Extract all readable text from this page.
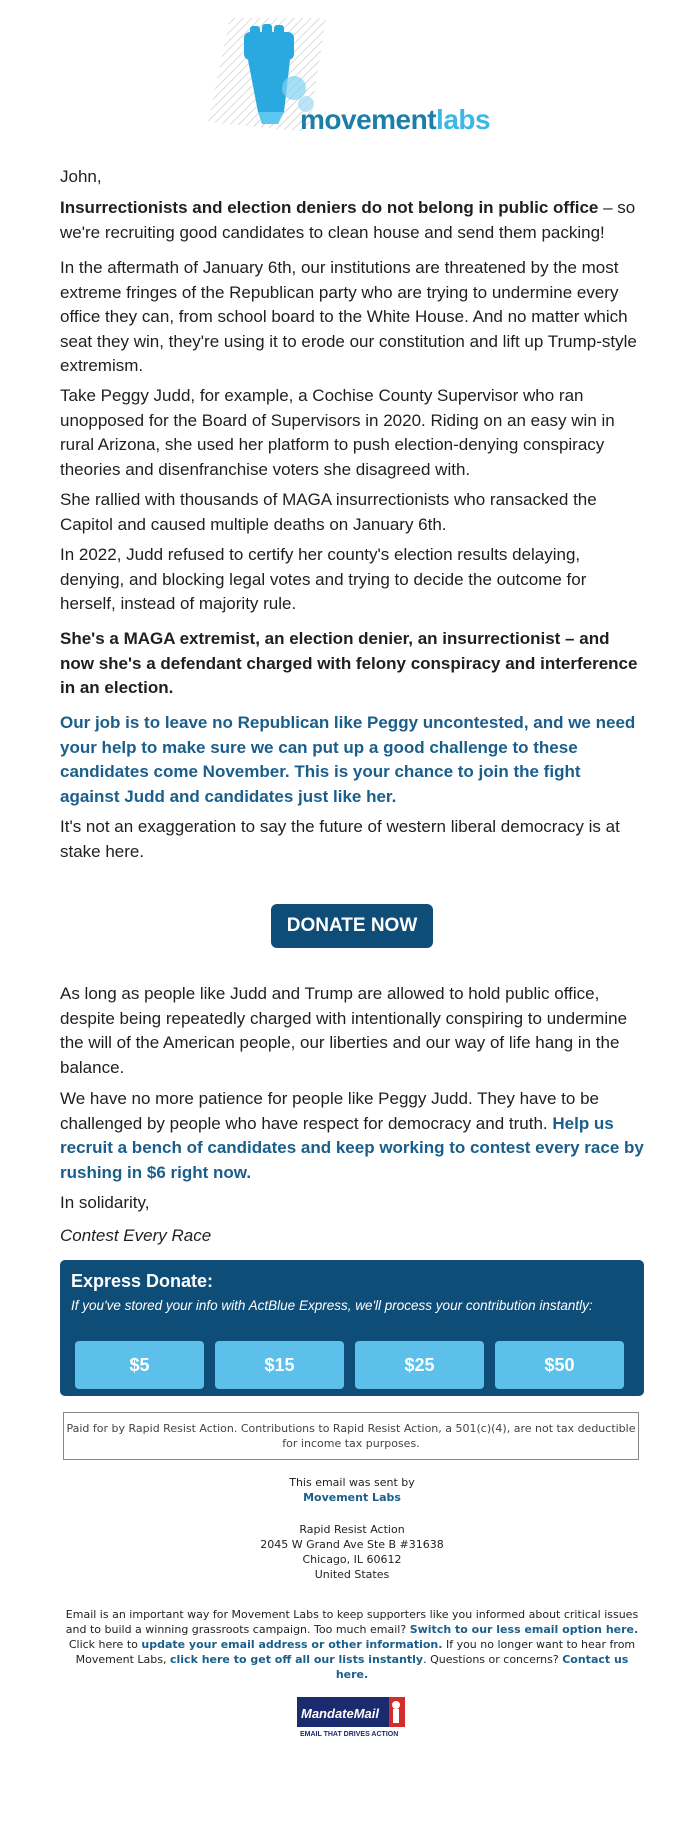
movementlabs

John,

Insurrectionists and election deniers do not belong in public office – so we're recruiting good candidates to clean house and send them packing!

In the aftermath of January 6th, our institutions are threatened by the most extreme fringes of the Republican party who are trying to undermine every office they can, from school board to the White House. And no matter which seat they win, they're using it to erode our constitution and lift up Trump-style extremism.

Take Peggy Judd, for example, a Cochise County Supervisor who ran unopposed for the Board of Supervisors in 2020. Riding on an easy win in rural Arizona, she used her platform to push election-denying conspiracy theories and disenfranchise voters she disagreed with.

She rallied with thousands of MAGA insurrectionists who ransacked the Capitol and caused multiple deaths on January 6th.

In 2022, Judd refused to certify her county's election results delaying, denying, and blocking legal votes and trying to decide the outcome for herself, instead of majority rule.

She's a MAGA extremist, an election denier, an insurrectionist – and now she's a defendant charged with felony conspiracy and interference in an election.

Our job is to leave no Republican like Peggy uncontested, and we need your help to make sure we can put up a good challenge to these candidates come November. This is your chance to join the fight against Judd and candidates just like her.

It's not an exaggeration to say the future of western liberal democracy is at stake here.

DONATE NOW

As long as people like Judd and Trump are allowed to hold public office, despite being repeatedly charged with intentionally conspiring to undermine the will of the American people, our liberties and our way of life hang in the balance.

We have no more patience for people like Peggy Judd. They have to be challenged by people who have respect for democracy and truth. Help us recruit a bench of candidates and keep working to contest every race by rushing in $6 right now.

In solidarity,

Contest Every Race
Express Donate:
If you've stored your info with ActBlue Express, we'll process your contribution instantly:
$5	$15	$25	$50
Paid for by Rapid Resist Action. Contributions to Rapid Resist Action, a 501(c)(4), are not tax deductible for income tax purposes.
This email was sent by
Movement Labs
Rapid Resist Action
2045 W Grand Ave Ste B #31638
Chicago, IL 60612
United States
Email is an important way for Movement Labs to keep supporters like you informed about critical issues and to build a winning grassroots campaign. Too much email? Switch to our less email option here. Click here to update your email address or other information. If you no longer want to hear from Movement Labs, click here to get off all our lists instantly. Questions or concerns? Contact us here.
MandateMail
EMAIL THAT DRIVES ACTION
